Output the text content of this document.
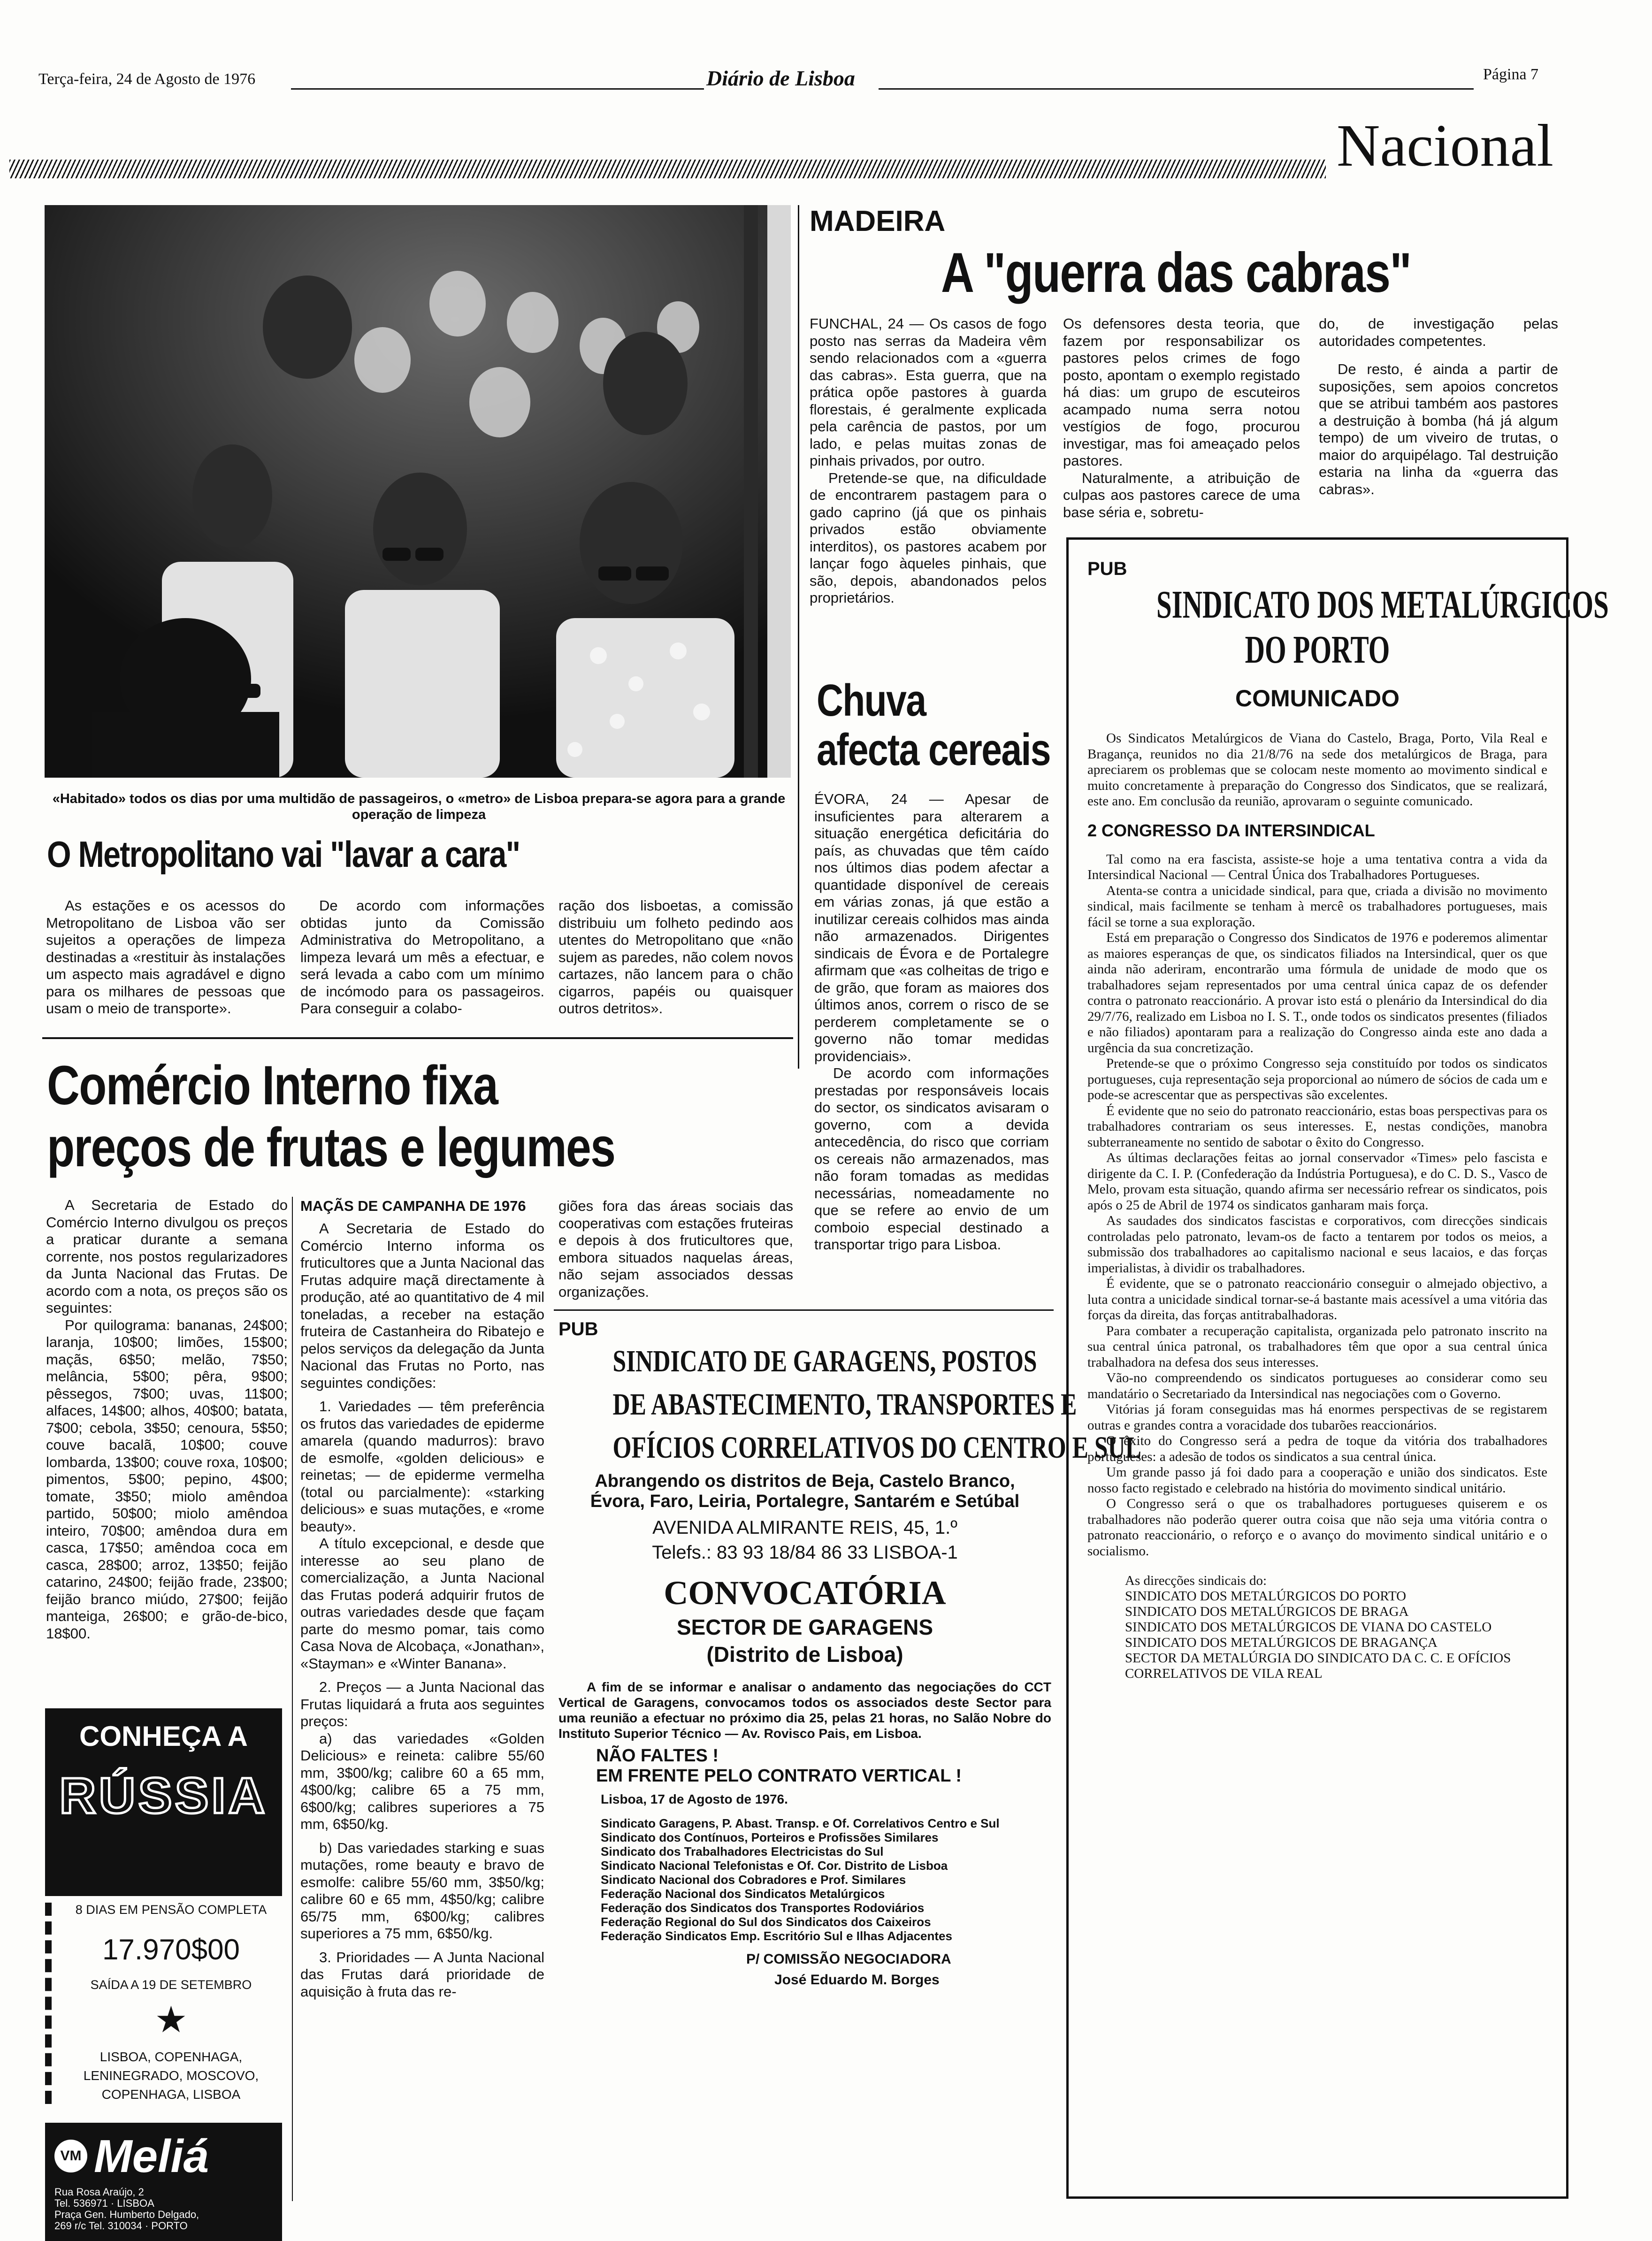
Terça-feira, 24 de Agosto de 1976	Diário de Lisboa	Página 7
Nacional
«Habitado» todos os dias por uma multidão de passageiros, o «metro» de Lisboa prepara-se agora para a grande operação de limpeza
O Metropolitano vai "lavar a cara"

As estações e os acessos do Metropolitano de Lisboa vão ser sujeitos a operações de limpeza destinadas a «restituir às instalações um aspecto mais agradável e digno para os milhares de pessoas que usam o meio de transporte».

De acordo com informações obtidas junto da Comissão Administrativa do Metropolitano, a limpeza levará um mês a efectuar, e será levada a cabo com um mínimo de incómodo para os passageiros. Para conseguir a colabo-

ração dos lisboetas, a comissão distribuiu um folheto pedindo aos utentes do Metropolitano que «não sujem as paredes, não colem novos cartazes, não lancem para o chão cigarros, papéis ou quaisquer outros detritos».

Comércio Interno fixa
preços de frutas e legumes

A Secretaria de Estado do Comércio Interno divulgou os preços a praticar durante a semana corrente, nos postos regularizadores da Junta Nacional das Frutas. De acordo com a nota, os preços são os seguintes:

Por quilograma: bananas, 24$00; laranja, 10$00; limões, 15$00; maçãs, 6$50; melão, 7$50; melância, 5$00; pêra, 9$00; pêssegos, 7$00; uvas, 11$00; alfaces, 14$00; alhos, 40$00; batata, 7$00; cebola, 3$50; cenoura, 5$50; couve bacalã, 10$00; couve lombarda, 13$00; couve roxa, 10$00; pimentos, 5$00; pepino, 4$00; tomate, 3$50; miolo amêndoa partido, 50$00; miolo amêndoa inteiro, 70$00; amêndoa dura em casca, 17$50; amêndoa coca em casca, 28$00; arroz, 13$50; feijão catarino, 24$00; feijão frade, 23$00; feijão branco miúdo, 27$00; feijão manteiga, 26$00; e grão-de-bico, 18$00.

MAÇÃS DE CAMPANHA DE 1976

A Secretaria de Estado do Comércio Interno informa os fruticultores que a Junta Nacional das Frutas adquire maçã directamente à produção, até ao quantitativo de 4 mil toneladas, a receber na estação fruteira de Castanheira do Ribatejo e pelos serviços da delegação da Junta Nacional das Frutas no Porto, nas seguintes condições:

1. Variedades — têm preferência os frutos das variedades de epiderme amarela (quando madurros): bravo de esmolfe, «golden delicious» e reinetas; — de epiderme vermelha (total ou parcialmente): «starking delicious» e suas mutações, e «rome beauty».

A título excepcional, e desde que interesse ao seu plano de comercialização, a Junta Nacional das Frutas poderá adquirir frutos de outras variedades desde que façam parte do mesmo pomar, tais como Casa Nova de Alcobaça, «Jonathan», «Stayman» e «Winter Banana».

2. Preços — a Junta Nacional das Frutas liquidará a fruta aos seguintes preços:

a) das variedades «Golden Delicious» e reineta: calibre 55/60 mm, 3$00/kg; calibre 60 a 65 mm, 4$00/kg; calibre 65 a 75 mm, 6$00/kg; calibres superiores a 75 mm, 6$50/kg.

b) Das variedades starking e suas mutações, rome beauty e bravo de esmolfe: calibre 55/60 mm, 3$50/kg; calibre 60 e 65 mm, 4$50/kg; calibre 65/75 mm, 6$00/kg; calibres superiores a 75 mm, 6$50/kg.

3. Prioridades — A Junta Nacional das Frutas dará prioridade de aquisição à fruta das re-

giões fora das áreas sociais das cooperativas com estações fruteiras e depois à dos fruticultores que, embora situados naquelas áreas, não sejam associados dessas organizações.

CONHEÇA A
RÚSSIA
8 DIAS EM PENSÃO COMPLETA
17.970$00
SAÍDA A 19 DE SETEMBRO
★
LISBOA, COPENHAGA, LENINEGRADO, MOSCOVO, COPENHAGA, LISBOA
VM Meliá
Rua Rosa Araújo, 2
Tel. 536971 · LISBOA
Praça Gen. Humberto Delgado,
269 r/c Tel. 310034 · PORTO
MADEIRA
A "guerra das cabras"

FUNCHAL, 24 — Os casos de fogo posto nas serras da Madeira vêm sendo relacionados com a «guerra das cabras». Esta guerra, que na prática opõe pastores à guarda florestais, é geralmente explicada pela carência de pastos, por um lado, e pelas muitas zonas de pinhais privados, por outro.

Pretende-se que, na dificuldade de encontrarem pastagem para o gado caprino (já que os pinhais privados estão obviamente interditos), os pastores acabem por lançar fogo àqueles pinhais, que são, depois, abandonados pelos proprietários.

Os defensores desta teoria, que fazem por responsabilizar os pastores pelos crimes de fogo posto, apontam o exemplo registado há dias: um grupo de escuteiros acampado numa serra notou vestígios de fogo, procurou investigar, mas foi ameaçado pelos pastores.

Naturalmente, a atribuição de culpas aos pastores carece de uma base séria e, sobretu-

do, de investigação pelas autoridades competentes.

De resto, é ainda a partir de suposições, sem apoios concretos que se atribui também aos pastores a destruição à bomba (há já algum tempo) de um viveiro de trutas, o maior do arquipélago. Tal destruição estaria na linha da «guerra das cabras».

Chuva
afecta cereais

ÉVORA, 24 — Apesar de insuficientes para alterarem a situação energética deficitária do país, as chuvadas que têm caído nos últimos dias podem afectar a quantidade disponível de cereais em várias zonas, já que estão a inutilizar cereais colhidos mas ainda não armazenados. Dirigentes sindicais de Évora e de Portalegre afirmam que «as colheitas de trigo e de grão, que foram as maiores dos últimos anos, correm o risco de se perderem completamente se o governo não tomar medidas providenciais».

De acordo com informações prestadas por responsáveis locais do sector, os sindicatos avisaram o governo, com a devida antecedência, do risco que corriam os cereais não armazenados, mas não foram tomadas as medidas necessárias, nomeadamente no que se refere ao envio de um comboio especial destinado a transportar trigo para Lisboa.

PUB
SINDICATO DE GARAGENS, POSTOS
DE ABASTECIMENTO, TRANSPORTES E
OFÍCIOS CORRELATIVOS DO CENTRO E SUL
Abrangendo os distritos de Beja, Castelo Branco,
Évora, Faro, Leiria, Portalegre, Santarém e Setúbal
AVENIDA ALMIRANTE REIS, 45, 1.º
Telefs.: 83 93 18/84 86 33 LISBOA-1
CONVOCATÓRIA
SECTOR DE GARAGENS
(Distrito de Lisboa)

A fim de se informar e analisar o andamento das negociações do CCT Vertical de Garagens, convocamos todos os associados deste Sector para uma reunião a efectuar no próximo dia 25, pelas 21 horas, no Salão Nobre do Instituto Superior Técnico — Av. Rovisco Pais, em Lisboa.

NÃO FALTES !
EM FRENTE PELO CONTRATO VERTICAL !
Lisboa, 17 de Agosto de 1976.
Sindicato Garagens, P. Abast. Transp. e Of. Correlativos Centro e Sul
Sindicato dos Contínuos, Porteiros e Profissões Similares
Sindicato dos Trabalhadores Electricistas do Sul
Sindicato Nacional Telefonistas e Of. Cor. Distrito de Lisboa
Sindicato Nacional dos Cobradores e Prof. Similares
Federação Nacional dos Sindicatos Metalúrgicos
Federação dos Sindicatos dos Transportes Rodoviários
Federação Regional do Sul dos Sindicatos dos Caixeiros
Federação Sindicatos Emp. Escritório Sul e Ilhas Adjacentes
P/ COMISSÃO NEGOCIADORA
José Eduardo M. Borges
PUB
SINDICATO DOS METALÚRGICOS
DO PORTO
COMUNICADO

Os Sindicatos Metalúrgicos de Viana do Castelo, Braga, Porto, Vila Real e Bragança, reunidos no dia 21/8/76 na sede dos metalúrgicos de Braga, para apreciarem os problemas que se colocam neste momento ao movimento sindical e muito concretamente à preparação do Congresso dos Sindicatos, que se realizará, este ano. Em conclusão da reunião, aprovaram o seguinte comunicado.

2 CONGRESSO DA INTERSINDICAL

Tal como na era fascista, assiste-se hoje a uma tentativa contra a vida da Intersindical Nacional — Central Única dos Trabalhadores Portugueses.

Atenta-se contra a unicidade sindical, para que, criada a divisão no movimento sindical, mais facilmente se tenham à mercê os trabalhadores portugueses, mais fácil se torne a sua exploração.

Está em preparação o Congresso dos Sindicatos de 1976 e poderemos alimentar as maiores esperanças de que, os sindicatos filiados na Intersindical, quer os que ainda não aderiram, encontrarão uma fórmula de unidade de modo que os trabalhadores sejam representados por uma central única capaz de os defender contra o patronato reaccionário. A provar isto está o plenário da Intersindical do dia 29/7/76, realizado em Lisboa no I. S. T., onde todos os sindicatos presentes (filiados e não filiados) apontaram para a realização do Congresso ainda este ano dada a urgência da sua concretização.

Pretende-se que o próximo Congresso seja constituído por todos os sindicatos portugueses, cuja representação seja proporcional ao número de sócios de cada um e pode-se acrescentar que as perspectivas são excelentes.

É evidente que no seio do patronato reaccionário, estas boas perspectivas para os trabalhadores contrariam os seus interesses. E, nestas condições, manobra subterraneamente no sentido de sabotar o êxito do Congresso.

As últimas declarações feitas ao jornal conservador «Times» pelo fascista e dirigente da C. I. P. (Confederação da Indústria Portuguesa), e do C. D. S., Vasco de Melo, provam esta situação, quando afirma ser necessário refrear os sindicatos, pois após o 25 de Abril de 1974 os sindicatos ganharam mais força.

As saudades dos sindicatos fascistas e corporativos, com direcções sindicais controladas pelo patronato, levam-os de facto a tentarem por todos os meios, a submissão dos trabalhadores ao capitalismo nacional e seus lacaios, e das forças imperialistas, à dividir os trabalhadores.

É evidente, que se o patronato reaccionário conseguir o almejado objectivo, a luta contra a unicidade sindical tornar-se-á bastante mais acessível a uma vitória das forças da direita, das forças antitrabalhadoras.

Para combater a recuperação capitalista, organizada pelo patronato inscrito na sua central única patronal, os trabalhadores têm que opor a sua central única trabalhadora na defesa dos seus interesses.

Vão-no compreendendo os sindicatos portugueses ao considerar como seu mandatário o Secretariado da Intersindical nas negociações com o Governo.

Vitórias já foram conseguidas mas há enormes perspectivas de se registarem outras e grandes contra a voracidade dos tubarões reaccionários.

O êxito do Congresso será a pedra de toque da vitória dos trabalhadores portugueses: a adesão de todos os sindicatos a sua central única.

Um grande passo já foi dado para a cooperação e união dos sindicatos. Este nosso facto registado e celebrado na história do movimento sindical unitário.

O Congresso será o que os trabalhadores portugueses quiserem e os trabalhadores não poderão querer outra coisa que não seja uma vitória contra o patronato reaccionário, o reforço e o avanço do movimento sindical unitário e o socialismo.

As direcções sindicais do:
SINDICATO DOS METALÚRGICOS DO PORTO
SINDICATO DOS METALÚRGICOS DE BRAGA
SINDICATO DOS METALÚRGICOS DE VIANA DO CASTELO
SINDICATO DOS METALÚRGICOS DE BRAGANÇA
SECTOR DA METALÚRGIA DO SINDICATO DA C. C. E OFÍCIOS CORRELATIVOS DE VILA REAL
